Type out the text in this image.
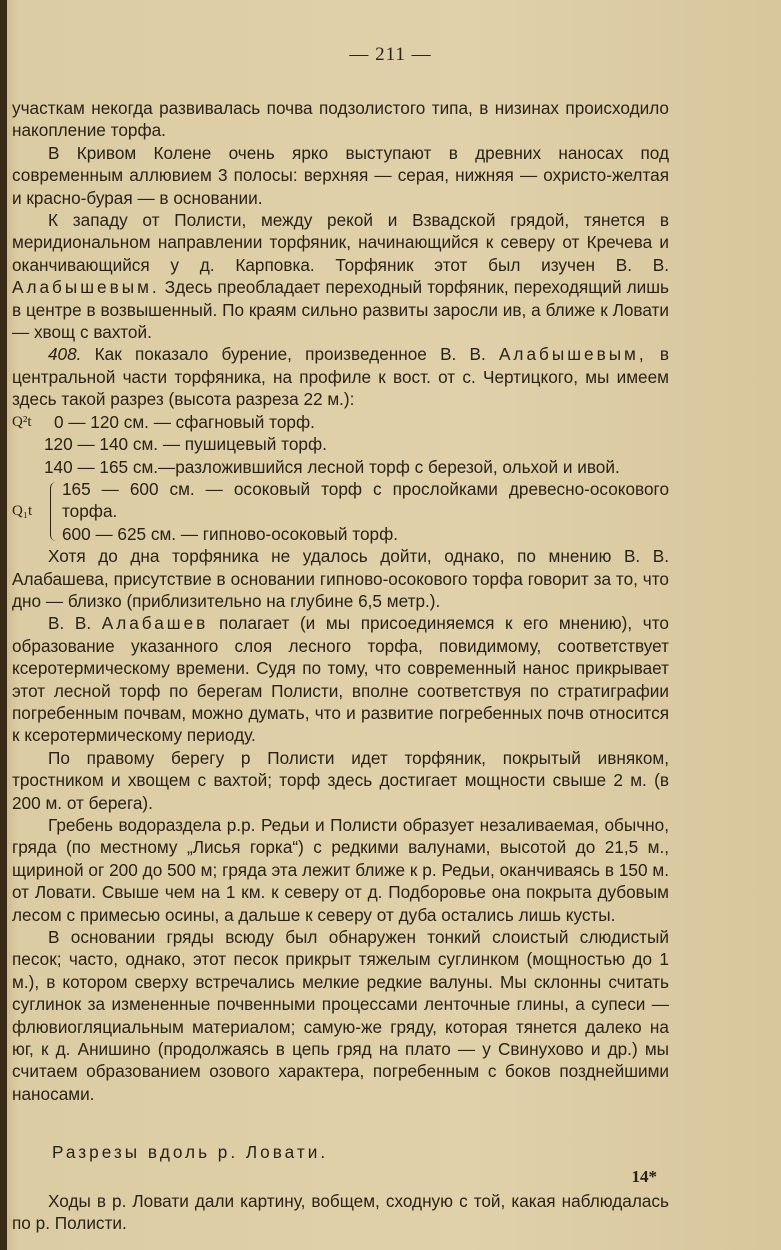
— 211 —

участкам некогда развивалась почва подзолистого типа, в низинах происходило накопление торфа.

В Кривом Колене очень ярко выступают в древних наносах под современным аллювием 3 полосы: верхняя — серая, нижняя — охристо-желтая и красно-бурая — в основании.

К западу от Полисти, между рекой и Взвадской грядой, тянется в меридиональном направлении торфяник, начинающийся к северу от Кречева и оканчивающийся у д. Карповка. Торфяник этот был изучен В. В. Алабышевым. Здесь преобладает переходный торфяник, переходящий лишь в центре в возвышенный. По краям сильно развиты заросли ив, а ближе к Ловати — хвощ с вахтой.

408. Как показало бурение, произведенное В. В. Алабышевым, в центральной части торфяника, на профиле к вост. от с. Чертицкого, мы имеем здесь такой разрез (высота разреза 22 м.):

Q²t	0 — 120 см. — сфагновый торф.
120 — 140 см. — пушицевый торф.
140 — 165 см.—разложившийся лесной торф с березой, ольхой и ивой.
Q₁t
165 — 600 см. — осоковый торф с прослойками древесно-осокового торфа.
600 — 625 см. — гипново-осоковый торф.

Хотя до дна торфяника не удалось дойти, однако, по мнению В. В. Алабашева, присутствие в основании гипново-осокового торфа говорит за то, что дно — близко (приблизительно на глубине 6,5 метр.).

В. В. Алабашев полагает (и мы присоединяемся к его мнению), что образование указанного слоя лесного торфа, повидимому, соответствует ксеротермическому времени. Судя по тому, что современный нанос прикрывает этот лесной торф по берегам Полисти, вполне соответствуя по стратиграфии погребенным почвам, можно думать, что и развитие погребенных почв относится к ксеротермическому периоду.

По правому берегу р Полисти идет торфяник, покрытый ивняком, тростником и хвощем с вахтой; торф здесь достигает мощности свыше 2 м. (в 200 м. от берега).

Гребень водораздела р.р. Редьи и Полисти образует незаливаемая, обычно, гряда (по местному „Лисья горка“) с редкими валунами, высотой до 21,5 м., щириной ог 200 до 500 м; гряда эта лежит ближе к р. Редьи, оканчиваясь в 150 м. от Ловати. Свыше чем на 1 км. к северу от д. Подборовье она покрыта дубовым лесом с примесью осины, а дальше к северу от дуба остались лишь кусты.

В основании гряды всюду был обнаружен тонкий слоистый слюдистый песок; часто, однако, этот песок прикрыт тяжелым суглинком (мощностью до 1 м.), в котором сверху встречались мелкие редкие валуны. Мы склонны считать суглинок за измененные почвенными процессами ленточные глины, а супеси — флювиогляциальным материалом; самую-же гряду, которая тянется далеко на юг, к д. Анишино (продолжаясь в цепь гряд на плато — у Свинухово и др.) мы считаем образованием озового характера, погребенным с боков позднейшими наносами.

Разрезы вдоль р. Ловати.

Ходы в р. Ловати дали картину, вобщем, сходную с той, какая наблюдалась по р. Полисти.

14*
